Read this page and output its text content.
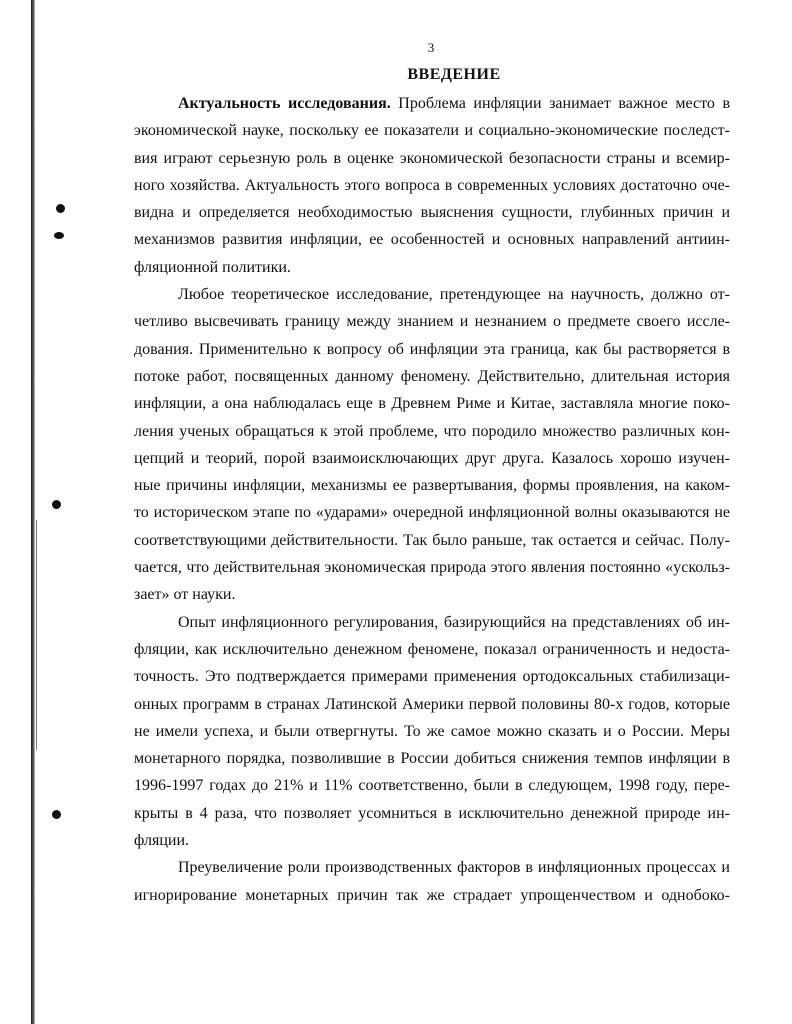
3
ВВЕДЕНИЕ
Актуальность исследования. Проблема инфляции занимает важное место в
экономической науке, поскольку ее показатели и социально-экономические последст-
вия играют серьезную роль в оценке экономической безопасности страны и всемир-
ного хозяйства. Актуальность этого вопроса в современных условиях достаточно оче-
видна и определяется необходимостью выяснения сущности, глубинных причин и
механизмов развития инфляции, ее особенностей и основных направлений антиин-
фляционной политики.
Любое теоретическое исследование, претендующее на научность, должно от-
четливо высвечивать границу между знанием и незнанием о предмете своего иссле-
дования. Применительно к вопросу об инфляции эта граница, как бы растворяется в
потоке работ, посвященных данному феномену. Действительно, длительная история
инфляции, а она наблюдалась еще в Древнем Риме и Китае, заставляла многие поко-
ления ученых обращаться к этой проблеме, что породило множество различных кон-
цепций и теорий, порой взаимоисключающих друг друга. Казалось хорошо изучен-
ные причины инфляции, механизмы ее развертывания, формы проявления, на каком-
то историческом этапе по «ударами» очередной инфляционной волны оказываются не
соответствующими действительности. Так было раньше, так остается и сейчас. Полу-
чается, что действительная экономическая природа этого явления постоянно «ускольз-
зает» от науки.
Опыт инфляционного регулирования, базирующийся на представлениях об ин-
фляции, как исключительно денежном феномене, показал ограниченность и недоста-
точность. Это подтверждается примерами применения ортодоксальных стабилизаци-
онных программ в странах Латинской Америки первой половины 80-х годов, которые
не имели успеха, и были отвергнуты. То же самое можно сказать и о России. Меры
монетарного порядка, позволившие в России добиться снижения темпов инфляции в
1996-1997 годах до 21% и 11% соответственно, были в следующем, 1998 году, пере-
крыты в 4 раза, что позволяет усомниться в исключительно денежной природе ин-
фляции.
Преувеличение роли производственных факторов в инфляционных процессах и
игнорирование монетарных причин так же страдает упрощенчеством и однобоко-
